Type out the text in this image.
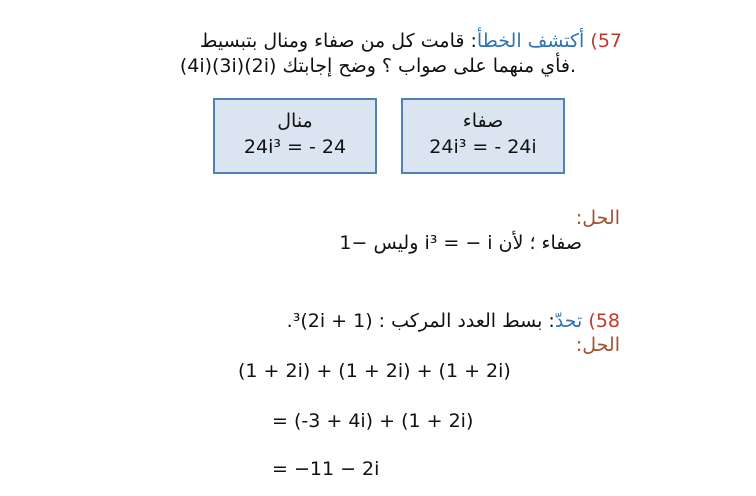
57) أكتشف الخطأ: قامت كل من صفاء ومنال بتبسيط
(4i)(3i)(2i) فأي منهما على صواب ؟ وضح إجابتك.
منال
24i³ = - 24
صفاء
24i³ = - 24i
الحل:
صفاء ؛ لأن i³ = − i وليس −1
58) تحدّ: بسط العدد المركب : (1 + 2i)³.
الحل:
(1 + 2i) + (1 + 2i) + (1 + 2i)
= (-3 + 4i) + (1 + 2i)
= −11 − 2i
